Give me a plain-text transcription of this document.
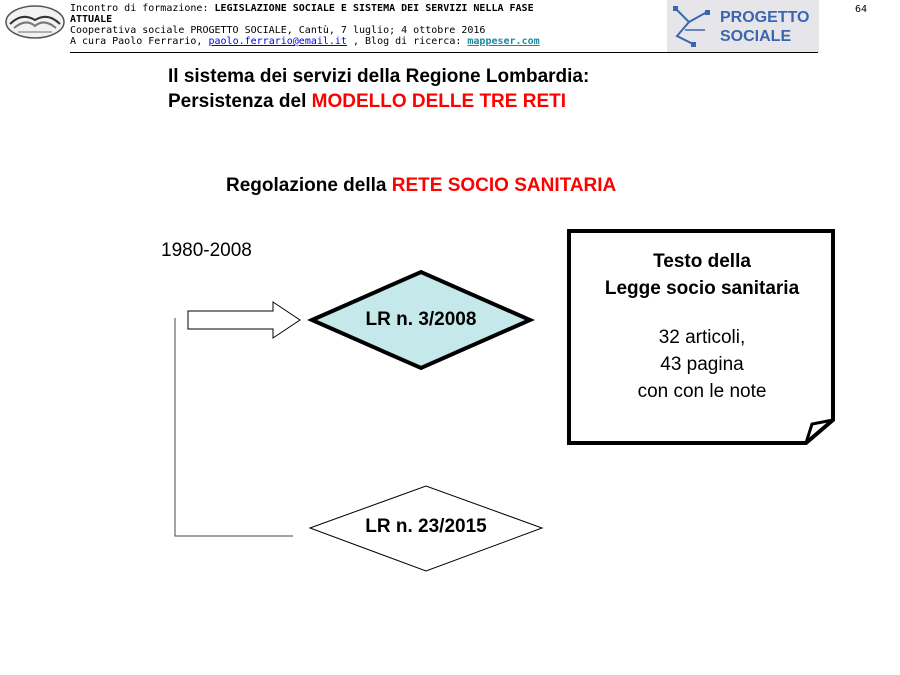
Incontro di formazione: LEGISLAZIONE SOCIALE E SISTEMA DEI SERVIZI NELLA FASE
ATTUALE
Cooperativa sociale PROGETTO SOCIALE, Cantù, 7 luglio; 4 ottobre 2016
A cura Paolo Ferrario, paolo.ferrario@email.it , Blog di ricerca: mappeser.com
PROGETTO
SOCIALE
64
Il sistema dei servizi della Regione Lombardia:
Persistenza del MODELLO DELLE TRE RETI
Regolazione della RETE SOCIO SANITARIA
1980-2008
LR n. 3/2008
LR n. 23/2015
Testo della
Legge socio sanitaria
32 articoli,
43 pagina
con con le note
